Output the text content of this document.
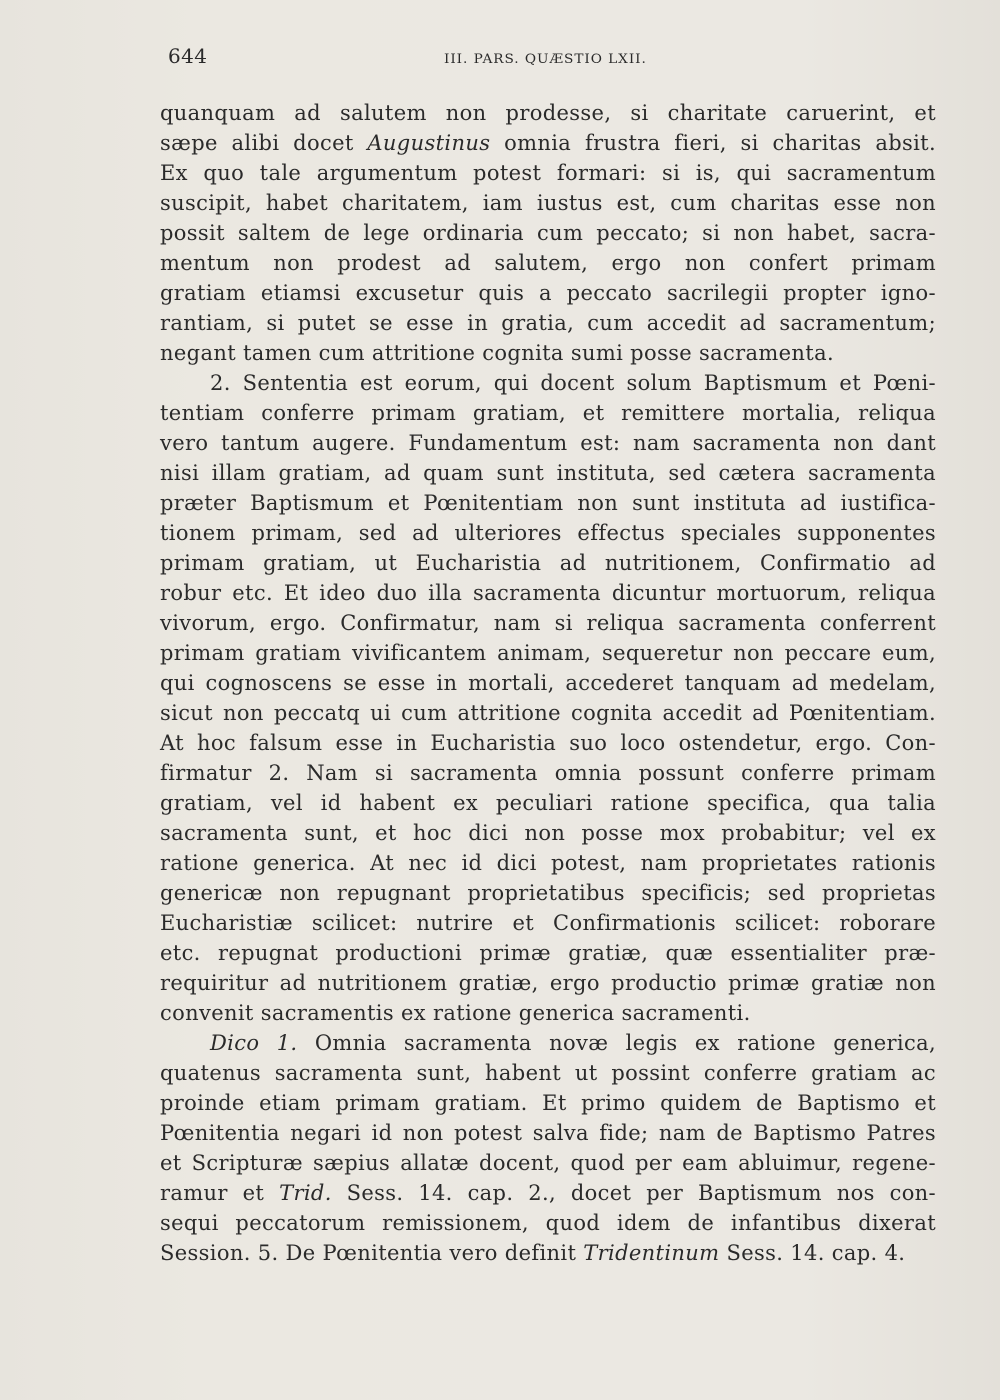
644	III. PARS. QUÆSTIO LXII.
quanquam ad salutem non prodesse, si charitate caruerint, et
sæpe alibi docet Augustinus omnia frustra fieri, si charitas absit.
Ex quo tale argumentum potest formari: si is, qui sacramentum
suscipit, habet charitatem, iam iustus est, cum charitas esse non
possit saltem de lege ordinaria cum peccato; si non habet, sacra-
mentum non prodest ad salutem, ergo non confert primam
gratiam etiamsi excusetur quis a peccato sacrilegii propter igno-
rantiam, si putet se esse in gratia, cum accedit ad sacramentum;
negant tamen cum attritione cognita sumi posse sacramenta.
2. Sententia est eorum, qui docent solum Baptismum et Pœni-
tentiam conferre primam gratiam, et remittere mortalia, reliqua
vero tantum augere. Fundamentum est: nam sacramenta non dant
nisi illam gratiam, ad quam sunt instituta, sed cætera sacramenta
præter Baptismum et Pœnitentiam non sunt instituta ad iustifica-
tionem primam, sed ad ulteriores effectus speciales supponentes
primam gratiam, ut Eucharistia ad nutritionem, Confirmatio ad
robur etc. Et ideo duo illa sacramenta dicuntur mortuorum, reliqua
vivorum, ergo. Confirmatur, nam si reliqua sacramenta conferrent
primam gratiam vivificantem animam, sequeretur non peccare eum,
qui cognoscens se esse in mortali, accederet tanquam ad medelam,
sicut non peccatq ui cum attritione cognita accedit ad Pœnitentiam.
At hoc falsum esse in Eucharistia suo loco ostendetur, ergo. Con-
firmatur 2. Nam si sacramenta omnia possunt conferre primam
gratiam, vel id habent ex peculiari ratione specifica, qua talia
sacramenta sunt, et hoc dici non posse mox probabitur; vel ex
ratione generica. At nec id dici potest, nam proprietates rationis
genericæ non repugnant proprietatibus specificis; sed proprietas
Eucharistiæ scilicet: nutrire et Confirmationis scilicet: roborare
etc. repugnat productioni primæ gratiæ, quæ essentialiter præ-
requiritur ad nutritionem gratiæ, ergo productio primæ gratiæ non
convenit sacramentis ex ratione generica sacramenti.
Dico 1. Omnia sacramenta novæ legis ex ratione generica,
quatenus sacramenta sunt, habent ut possint conferre gratiam ac
proinde etiam primam gratiam. Et primo quidem de Baptismo et
Pœnitentia negari id non potest salva fide; nam de Baptismo Patres
et Scripturæ sæpius allatæ docent, quod per eam abluimur, regene-
ramur et Trid. Sess. 14. cap. 2., docet per Baptismum nos con-
sequi peccatorum remissionem, quod idem de infantibus dixerat
Session. 5. De Pœnitentia vero definit Tridentinum Sess. 14. cap. 4.
